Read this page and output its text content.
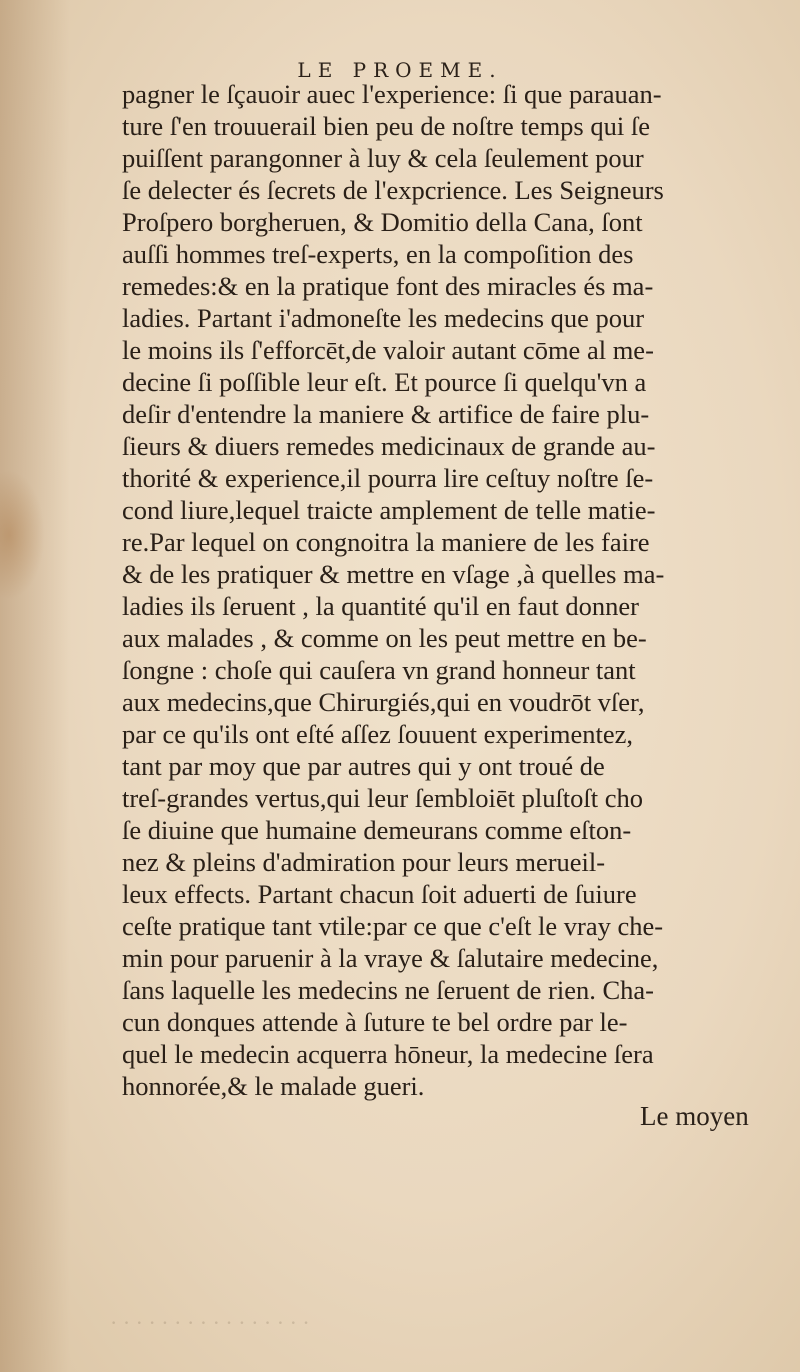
· · · · · · · · · · · · · · · ·
LE PROEME.
pagner le ſçauoir auec l'experience: ſi que parauan-
ture ſ'en trouuerail bien peu de noſtre temps qui ſe
puiſſent parangonner à luy & cela ſeulement pour
ſe delecter és ſecrets de l'expcrience. Les Seigneurs
Proſpero borgheruen, & Domitio della Cana, ſont
auſſi hommes treſ-experts, en la compoſition des
remedes:& en la pratique font des miracles és ma-
ladies. Partant i'admoneſte les medecins que pour
le moins ils ſ'efforcēt,de valoir autant cōme al me-
decine ſi poſſible leur eſt. Et pource ſi quelqu'vn a
deſir d'entendre la maniere & artifice de faire plu-
ſieurs & diuers remedes medicinaux de grande au-
thorité & experience,il pourra lire ceſtuy noſtre ſe-
cond liure,lequel traicte amplement de telle matie-
re.Par lequel on congnoitra la maniere de les faire
& de les pratiquer & mettre en vſage ,à quelles ma-
ladies ils ſeruent , la quantité qu'il en faut donner
aux malades , & comme on les peut mettre en be-
ſongne : choſe qui cauſera vn grand honneur tant
aux medecins,que Chirurgiés,qui en voudrōt vſer,
par ce qu'ils ont eſté aſſez ſouuent experimentez,
tant par moy que par autres qui y ont troué de
treſ-grandes vertus,qui leur ſembloiēt pluſtoſt cho
ſe diuine que humaine demeurans comme eſton-
nez & pleins d'admiration pour leurs merueil-
leux effects. Partant chacun ſoit aduerti de ſuiure
ceſte pratique tant vtile:par ce que c'eſt le vray che-
min pour paruenir à la vraye & ſalutaire medecine,
ſans laquelle les medecins ne ſeruent de rien. Cha-
cun donques attende à ſuture te bel ordre par le-
quel le medecin acquerra hōneur, la medecine ſera
honnorée,& le malade gueri.
Le moyen
